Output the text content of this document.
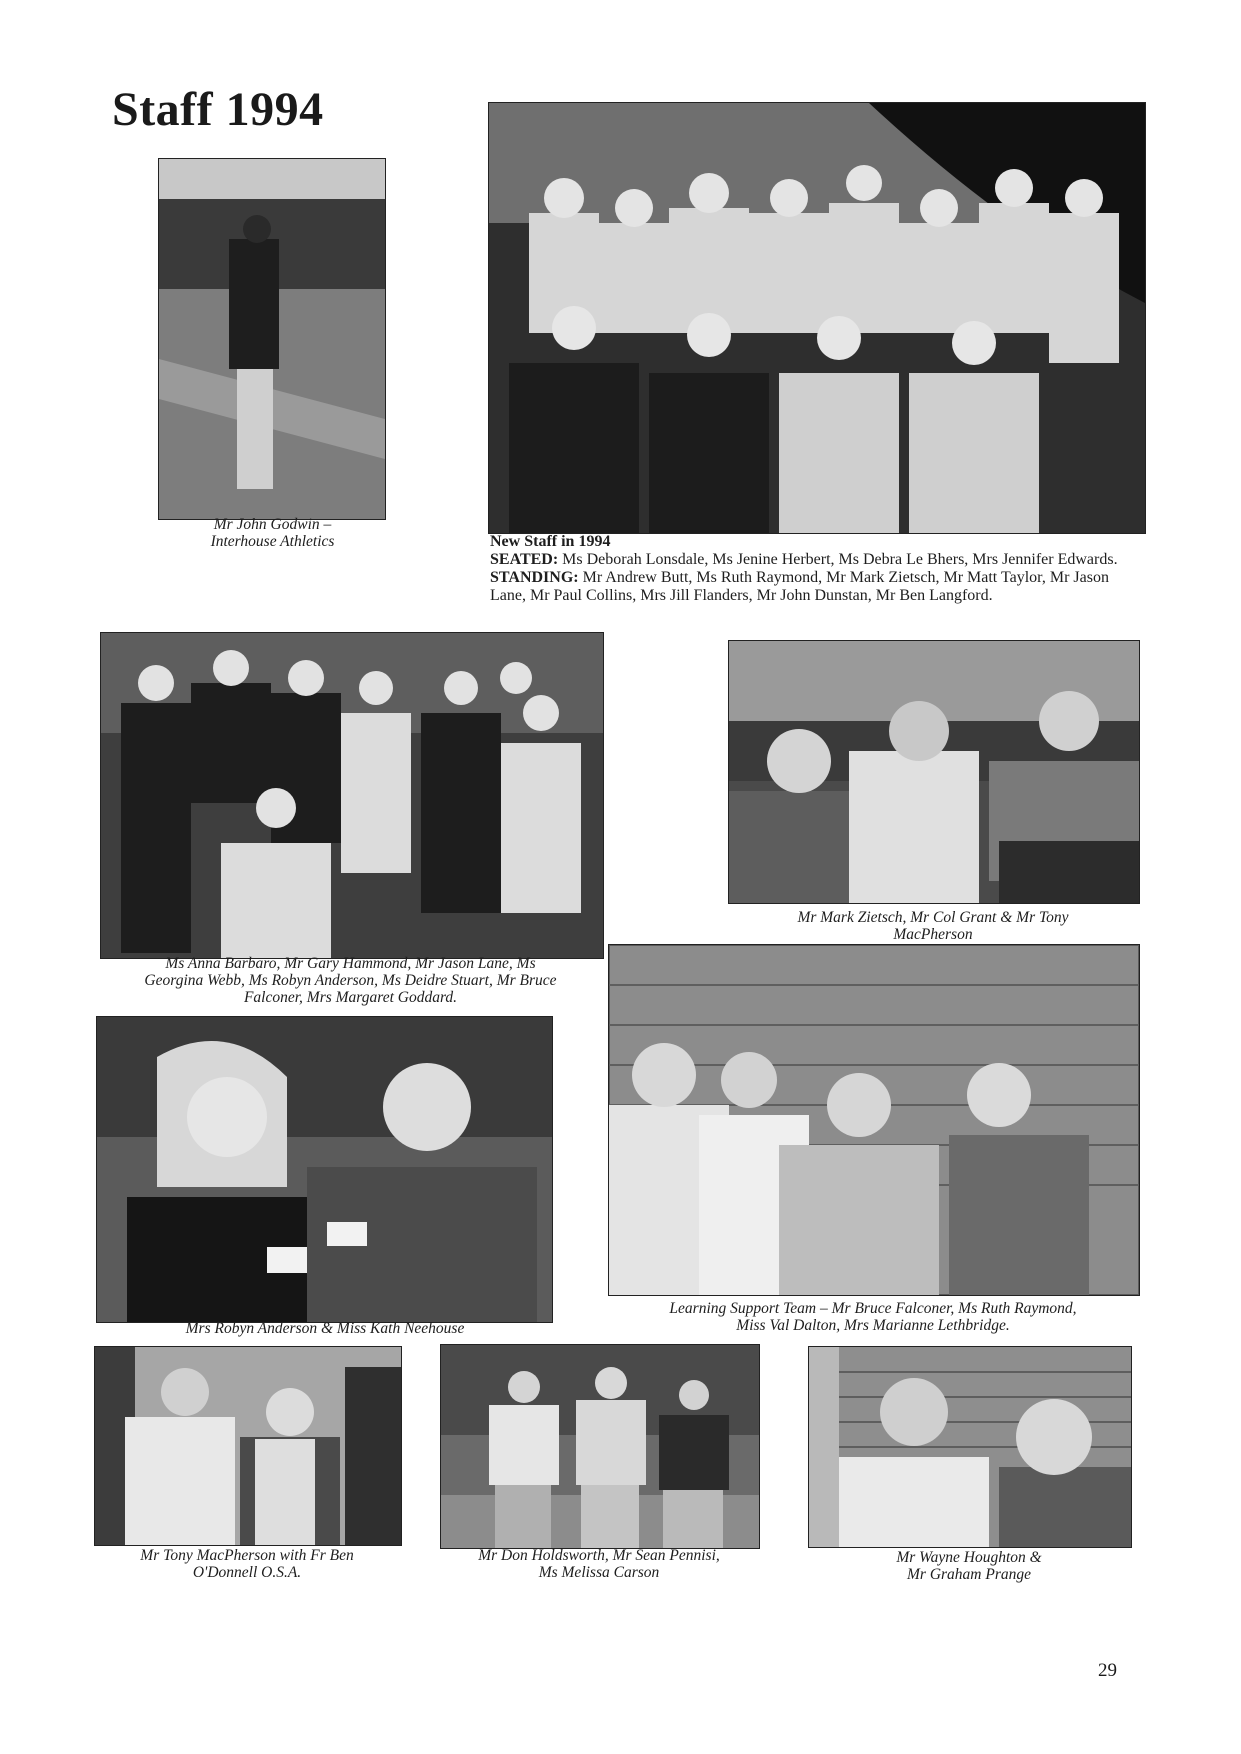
Staff 1994
Mr John Godwin –
Interhouse Athletics	New Staff in 1994
SEATED: Ms Deborah Lonsdale, Ms Jenine Herbert, Ms Debra Le Bhers, Mrs Jennifer Edwards.
STANDING: Mr Andrew Butt, Ms Ruth Raymond, Mr Mark Zietsch, Mr Matt Taylor, Mr Jason Lane, Mr Paul Collins, Mrs Jill Flanders, Mr John Dunstan, Mr Ben Langford.
Ms Anna Barbaro, Mr Gary Hammond, Mr Jason Lane, Ms
Georgina Webb, Ms Robyn Anderson, Ms Deidre Stuart, Mr Bruce
Falconer, Mrs Margaret Goddard.
Mr Mark Zietsch, Mr Col Grant & Mr Tony
MacPherson
Learning Support Team – Mr Bruce Falconer, Ms Ruth Raymond,
Miss Val Dalton, Mrs Marianne Lethbridge.
Mrs Robyn Anderson & Miss Kath Neehouse
Mr Tony MacPherson with Fr Ben
O'Donnell O.S.A.
Mr Don Holdsworth, Mr Sean Pennisi,
Ms Melissa Carson
Mr Wayne Houghton &
Mr Graham Prange
29
